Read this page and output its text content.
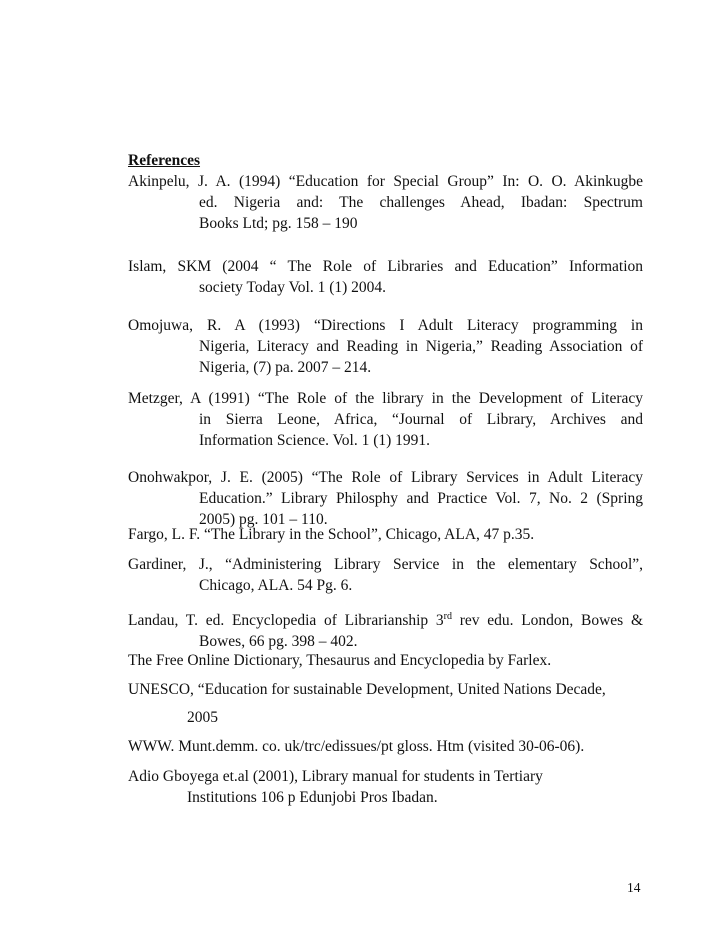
References
Akinpelu, J. A. (1994) “Education for Special Group” In: O. O. Akinkugbe
ed. Nigeria and: The challenges Ahead, Ibadan: Spectrum
Books Ltd; pg. 158 – 190
Islam, SKM (2004 “ The Role of Libraries and Education” Information
society Today Vol. 1 (1) 2004.
Omojuwa, R. A (1993) “Directions I Adult Literacy programming in
Nigeria, Literacy and Reading in Nigeria,” Reading Association of
Nigeria, (7) pa. 2007 – 214.
Metzger, A (1991) “The Role of the library in the Development of Literacy
in Sierra Leone, Africa, “Journal of Library, Archives and
Information Science. Vol. 1 (1) 1991.
Onohwakpor, J. E. (2005) “The Role of Library Services in Adult Literacy
Education.” Library Philosphy and Practice Vol. 7, No. 2 (Spring
2005) pg. 101 – 110.
Fargo, L. F. “The Library in the School”, Chicago, ALA, 47 p.35.
Gardiner, J., “Administering Library Service in the elementary School”,
Chicago, ALA. 54 Pg. 6.
Landau, T. ed. Encyclopedia of Librarianship 3rd rev edu. London, Bowes &
Bowes, 66 pg. 398 – 402.
The Free Online Dictionary, Thesaurus and Encyclopedia by Farlex.
UNESCO, “Education for sustainable Development, United Nations Decade,
2005
WWW. Munt.demm. co. uk/trc/edissues/pt gloss. Htm (visited 30-06-06).
Adio Gboyega et.al (2001), Library manual for students in Tertiary
Institutions 106 p Edunjobi Pros Ibadan.
14
